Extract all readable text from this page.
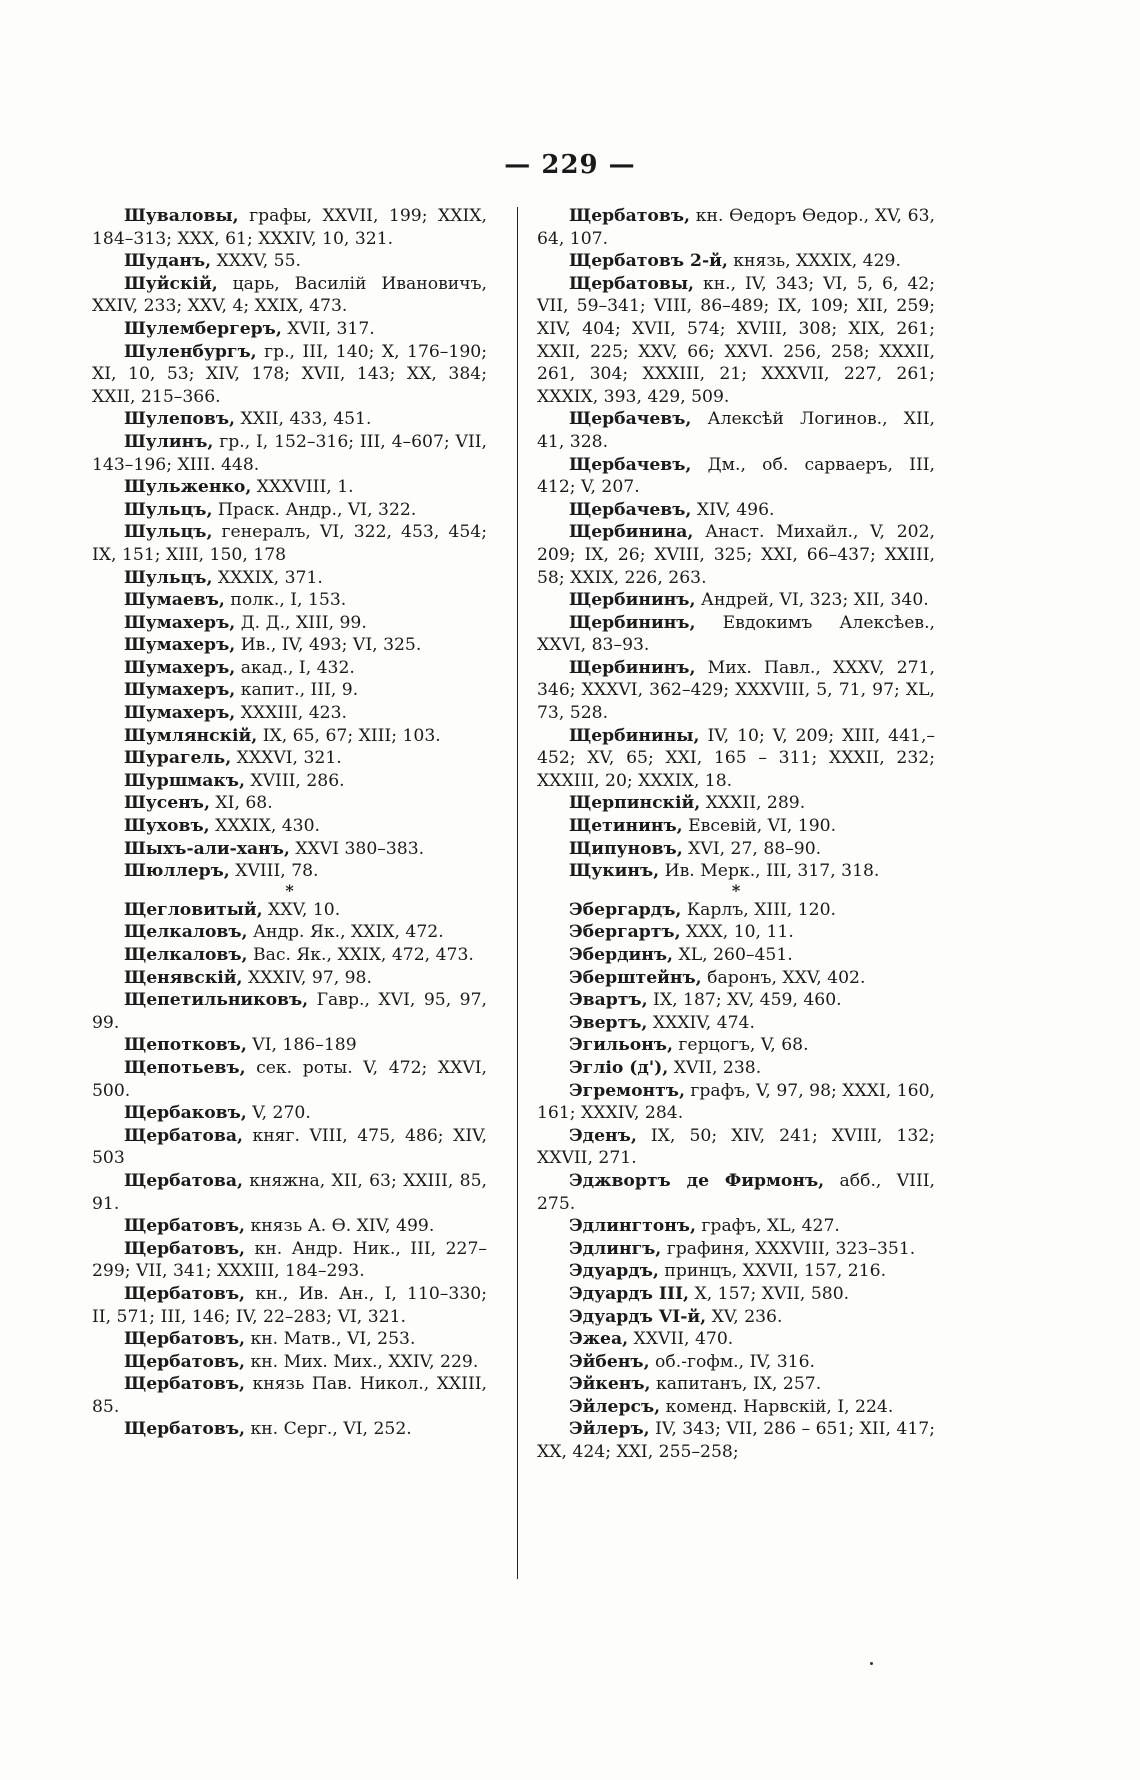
— 229 —
Шуваловы, графы, XXVII, 199; XXIX, 184–313; XXX, 61; XXXIV, 10, 321.
Шуданъ, XXXV, 55.
Шуйскій, царь, Василій Ивановичъ, XXIV, 233; XXV, 4; XXIX, 473.
Шулембергеръ, XVII, 317.
Шуленбургъ, гр., III, 140; X, 176–190; XI, 10, 53; XIV, 178; XVII, 143; XX, 384; XXII, 215–366.
Шулеповъ, XXII, 433, 451.
Шулинъ, гр., I, 152–316; III, 4–607; VII, 143–196; XIII. 448.
Шульженко, XXXVIII, 1.
Шульцъ, Праск. Андр., VI, 322.
Шульцъ, генералъ, VI, 322, 453, 454; IX, 151; XIII, 150, 178
Шульцъ, XXXIX, 371.
Шумаевъ, полк., I, 153.
Шумахеръ, Д. Д., XIII, 99.
Шумахеръ, Ив., IV, 493; VI, 325.
Шумахеръ, акад., I, 432.
Шумахеръ, капит., III, 9.
Шумахеръ, XXXIII, 423.
Шумлянскій, IX, 65, 67; XIII; 103.
Шурагель, XXXVI, 321.
Шуршмакъ, XVIII, 286.
Шусенъ, XI, 68.
Шуховъ, XXXIX, 430.
Шыхъ-али-ханъ, XXVI 380–383.
Шюллеръ, XVIII, 78.
*
Щегловитый, XXV, 10.
Щелкаловъ, Андр. Як., XXIX, 472.
Щелкаловъ, Вас. Як., XXIX, 472, 473.
Щенявскій, XXXIV, 97, 98.
Щепетильниковъ, Гавр., XVI, 95, 97, 99.
Щепотковъ, VI, 186–189
Щепотьевъ, сек. роты. V, 472; XXVI, 500.
Щербаковъ, V, 270.
Щербатова, княг. VIII, 475, 486; XIV, 503
Щербатова, княжна, XII, 63; XXIII, 85, 91.
Щербатовъ, князь А. Ѳ. XIV, 499.
Щербатовъ, кн. Андр. Ник., III, 227–299; VII, 341; XXXIII, 184–293.
Щербатовъ, кн., Ив. Ан., I, 110–330; II, 571; III, 146; IV, 22–283; VI, 321.
Щербатовъ, кн. Матв., VI, 253.
Щербатовъ, кн. Мих. Мих., XXIV, 229.
Щербатовъ, князь Пав. Никол., XXIII, 85.
Щербатовъ, кн. Серг., VI, 252.
Щербатовъ, кн. Ѳедоръ Ѳедор., XV, 63, 64, 107.
Щербатовъ 2-й, князь, XXXIX, 429.
Щербатовы, кн., IV, 343; VI, 5, 6, 42; VII, 59–341; VIII, 86–489; IX, 109; XII, 259; XIV, 404; XVII, 574; XVIII, 308; XIX, 261; XXII, 225; XXV, 66; XXVI. 256, 258; XXXII, 261, 304; XXXIII, 21; XXXVII, 227, 261; XXXIX, 393, 429, 509.
Щербачевъ, Алексѣй Логинов., XII, 41, 328.
Щербачевъ, Дм., об. сарваеръ, III, 412; V, 207.
Щербачевъ, XIV, 496.
Щербинина, Анаст. Михайл., V, 202, 209; IX, 26; XVIII, 325; XXI, 66–437; XXIII, 58; XXIX, 226, 263.
Щербининъ, Андрей, VI, 323; XII, 340.
Щербининъ, Евдокимъ Алексѣев., XXVI, 83–93.
Щербининъ, Мих. Павл., XXXV, 271, 346; XXXVI, 362–429; XXXVIII, 5, 71, 97; XL, 73, 528.
Щербинины, IV, 10; V, 209; XIII, 441,–452; XV, 65; XXI, 165 – 311; XXXII, 232; XXXIII, 20; XXXIX, 18.
Щерпинскій, XXXII, 289.
Щетининъ, Евсевій, VI, 190.
Щипуновъ, XVI, 27, 88–90.
Щукинъ, Ив. Мерк., III, 317, 318.
*
Эбергардъ, Карлъ, XIII, 120.
Эбергартъ, XXX, 10, 11.
Эбердинъ, XL, 260–451.
Эберштейнъ, баронъ, XXV, 402.
Эвартъ, IX, 187; XV, 459, 460.
Эвертъ, XXXIV, 474.
Эгильонъ, герцогъ, V, 68.
Эгліо (д'), XVII, 238.
Эгремонтъ, графъ, V, 97, 98; XXXI, 160, 161; XXXIV, 284.
Эденъ, IX, 50; XIV, 241; XVIII, 132; XXVII, 271.
Эджвортъ де Фирмонъ, абб., VIII, 275.
Эдлингтонъ, графъ, XL, 427.
Эдлингъ, графиня, XXXVIII, 323–351.
Эдуардъ, принцъ, XXVII, 157, 216.
Эдуардъ III, X, 157; XVII, 580.
Эдуардъ VI-й, XV, 236.
Эжеа, XXVII, 470.
Эйбенъ, об.-гофм., IV, 316.
Эйкенъ, капитанъ, IX, 257.
Эйлерсъ, коменд. Нарвскій, I, 224.
Эйлеръ, IV, 343; VII, 286 – 651; XII, 417; XX, 424; XXI, 255–258;
